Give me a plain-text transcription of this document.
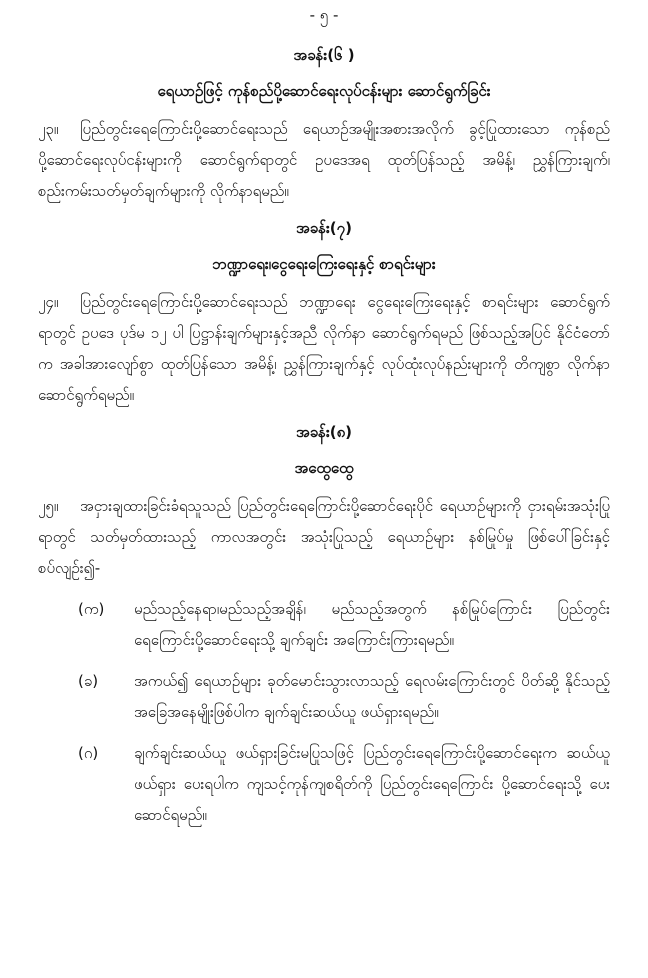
- ၅ -
အခန်း(၆ )
ရေယာဉ်ဖြင့် ကုန်စည်ပို့ဆောင်ရေးလုပ်ငန်းများ ဆောင်ရွက်ခြင်း
၂၃။ ပြည်တွင်းရေကြောင်းပို့ဆောင်ရေးသည် ရေယာဉ်အမျိုးအစားအလိုက် ခွင့်ပြုထားသော ကုန်စည်ပို့ဆောင်ရေးလုပ်ငန်းများကို ဆောင်ရွက်ရာတွင် ဥပဒေအရ ထုတ်ပြန်သည့် အမိန့်၊ ညွှန်ကြားချက်၊ စည်းကမ်းသတ်မှတ်ချက်များကို လိုက်နာရမည်။
အခန်း(၇)
ဘဏ္ဍာရေး၊ငွေရေးကြေးရေးနှင့် စာရင်းများ
၂၄။ ပြည်တွင်းရေကြောင်းပို့ဆောင်ရေးသည် ဘဏ္ဍာရေး ငွေရေးကြေးရေးနှင့် စာရင်းများ ဆောင်ရွက်ရာတွင် ဥပဒေ ပုဒ်မ ၁၂ ပါ ပြဋ္ဌာန်းချက်များနှင့်အညီ လိုက်နာ ဆောင်ရွက်ရမည် ဖြစ်သည့်အပြင် နိုင်ငံတော်က အခါအားလျော်စွာ ထုတ်ပြန်သော အမိန့်၊ ညွှန်ကြားချက်နှင့် လုပ်ထုံးလုပ်နည်းများကို တိကျစွာ လိုက်နာ ဆောင်ရွက်ရမည်။
အခန်း(၈)
အထွေထွေ
၂၅။ အငှားချထားခြင်းခံရသူသည် ပြည်တွင်းရေကြောင်းပို့ဆောင်ရေးပိုင် ရေယာဉ်များကို ငှားရမ်းအသုံးပြုရာတွင် သတ်မှတ်ထားသည့် ကာလအတွင်း အသုံးပြုသည့် ရေယာဉ်များ နစ်မြုပ်မှု ဖြစ်ပေါ်ခြင်းနှင့် စပ်လျဉ်း၍-
(က)	မည်သည့်နေရာ၊မည်သည့်အချိန်၊ မည်သည့်အတွက် နစ်မြုပ်ကြောင်း ပြည်တွင်း ရေကြောင်းပို့ဆောင်ရေးသို့ ချက်ချင်း အကြောင်းကြားရမည်။
(ခ)	အကယ်၍ ရေယာဉ်များ ခုတ်မောင်းသွားလာသည့် ရေလမ်းကြောင်းတွင် ပိတ်ဆို့ နိုင်သည့် အခြေအနေမျိုးဖြစ်ပါက ချက်ချင်းဆယ်ယူ ဖယ်ရှားရမည်။
(ဂ)	ချက်ချင်းဆယ်ယူ ဖယ်ရှားခြင်းမပြုသဖြင့် ပြည်တွင်းရေကြောင်းပို့ဆောင်ရေးက ဆယ်ယူဖယ်ရှား ပေးရပါက ကျသင့်ကုန်ကျစရိတ်ကို ပြည်တွင်းရေကြောင်း ပို့ဆောင်ရေးသို့ ပေးဆောင်ရမည်။
